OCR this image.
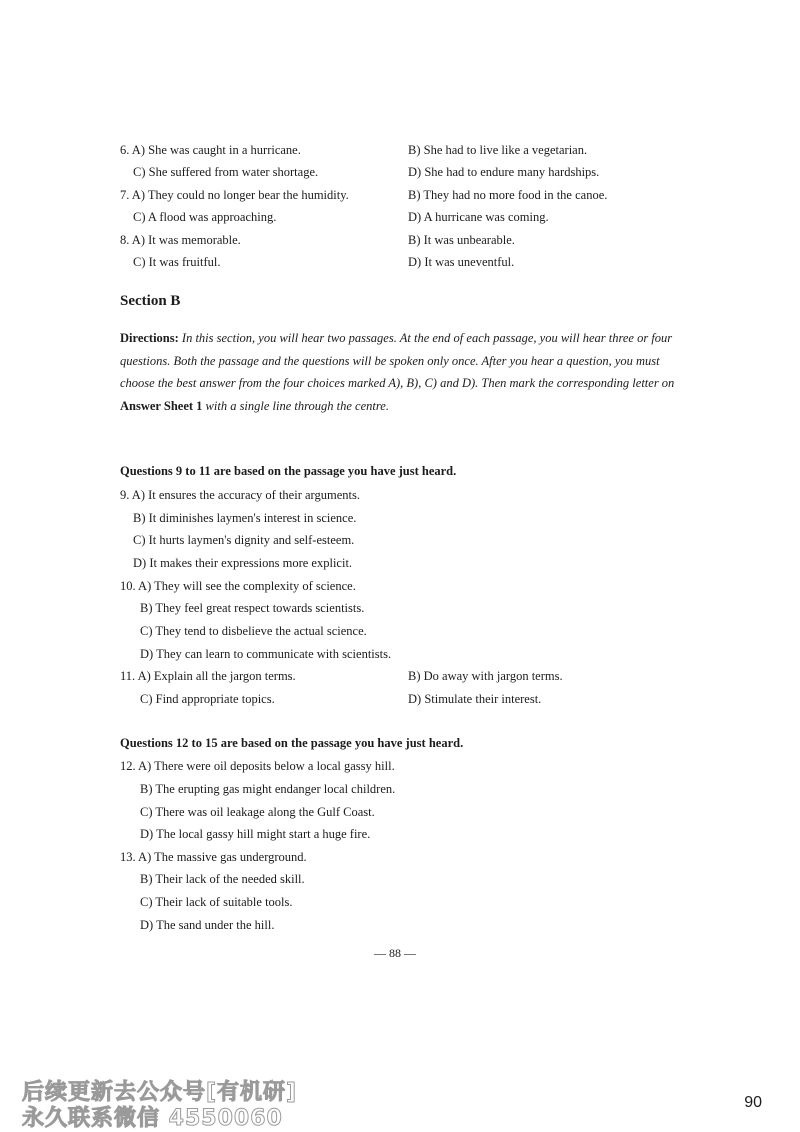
6. A) She was caught in a hurricane.	B) She had to live like a vegetarian.
C) She suffered from water shortage.	D) She had to endure many hardships.
7. A) They could no longer bear the humidity.	B) They had no more food in the canoe.
C) A flood was approaching.	D) A hurricane was coming.
8. A) It was memorable.	B) It was unbearable.
C) It was fruitful.	D) It was uneventful.
9. A) It ensures the accuracy of their arguments.
B) It diminishes laymen's interest in science.
C) It hurts laymen's dignity and self-esteem.
D) It makes their expressions more explicit.
10. A) They will see the complexity of science.
B) They feel great respect towards scientists.
C) They tend to disbelieve the actual science.
D) They can learn to communicate with scientists.
11. A) Explain all the jargon terms.	B) Do away with jargon terms.
C) Find appropriate topics.	D) Stimulate their interest.
12. A) There were oil deposits below a local gassy hill.
B) The erupting gas might endanger local children.
C) There was oil leakage along the Gulf Coast.
D) The local gassy hill might start a huge fire.
13. A) The massive gas underground.
B) Their lack of the needed skill.
C) Their lack of suitable tools.
D) The sand under the hill.
Section B
Directions: In this section, you will hear two passages. At the end of each passage, you will hear three or four questions. Both the passage and the questions will be spoken only once. After you hear a question, you must choose the best answer from the four choices marked A), B), C) and D). Then mark the corresponding letter on Answer Sheet 1 with a single line through the centre.
Questions 9 to 11 are based on the passage you have just heard.
Questions 12 to 15 are based on the passage you have just heard.
— 88 —
90
后续更新去公众号[有机研]
永久联系微信 4550060
